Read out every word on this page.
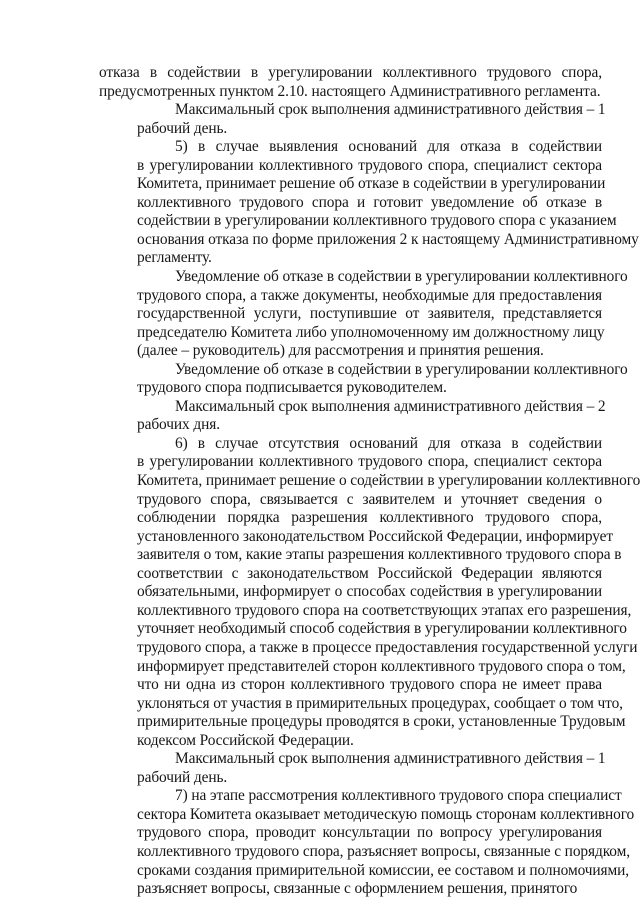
отказа в содействии в урегулировании коллективного трудового спора,
предусмотренных пунктом 2.10. настоящего Административного регламента.
Максимальный срок выполнения административного действия – 1
рабочий день.
5) в случае выявления оснований для отказа в содействии
в урегулировании коллективного трудового спора, специалист сектора
Комитета, принимает решение об отказе в содействии в урегулировании
коллективного трудового спора и готовит уведомление об отказе в
содействии в урегулировании коллективного трудового спора с указанием
основания отказа по форме приложения 2 к настоящему Административному
регламенту.
Уведомление об отказе в содействии в урегулировании коллективного
трудового спора, а также документы, необходимые для предоставления
государственной услуги, поступившие от заявителя, представляется
председателю Комитета либо уполномоченному им должностному лицу
(далее – руководитель) для рассмотрения и принятия решения.
Уведомление об отказе в содействии в урегулировании коллективного
трудового спора подписывается руководителем.
Максимальный срок выполнения административного действия – 2
рабочих дня.
6) в случае отсутствия оснований для отказа в содействии
в урегулировании коллективного трудового спора, специалист сектора
Комитета, принимает решение о содействии в урегулировании коллективного
трудового спора, связывается с заявителем и уточняет сведения о
соблюдении порядка разрешения коллективного трудового спора,
установленного законодательством Российской Федерации, информирует
заявителя о том, какие этапы разрешения коллективного трудового спора в
соответствии с законодательством Российской Федерации являются
обязательными, информирует о способах содействия в урегулировании
коллективного трудового спора на соответствующих этапах его разрешения,
уточняет необходимый способ содействия в урегулировании коллективного
трудового спора, а также в процессе предоставления государственной услуги
информирует представителей сторон коллективного трудового спора о том,
что ни одна из сторон коллективного трудового спора не имеет права
уклоняться от участия в примирительных процедурах, сообщает о том что,
примирительные процедуры проводятся в сроки, установленные Трудовым
кодексом Российской Федерации.
Максимальный срок выполнения административного действия – 1
рабочий день.
7) на этапе рассмотрения коллективного трудового спора специалист
сектора Комитета оказывает методическую помощь сторонам коллективного
трудового спора, проводит консультации по вопросу урегулирования
коллективного трудового спора, разъясняет вопросы, связанные с порядком,
сроками создания примирительной комиссии, ее составом и полномочиями,
разъясняет вопросы, связанные с оформлением решения, принятого
